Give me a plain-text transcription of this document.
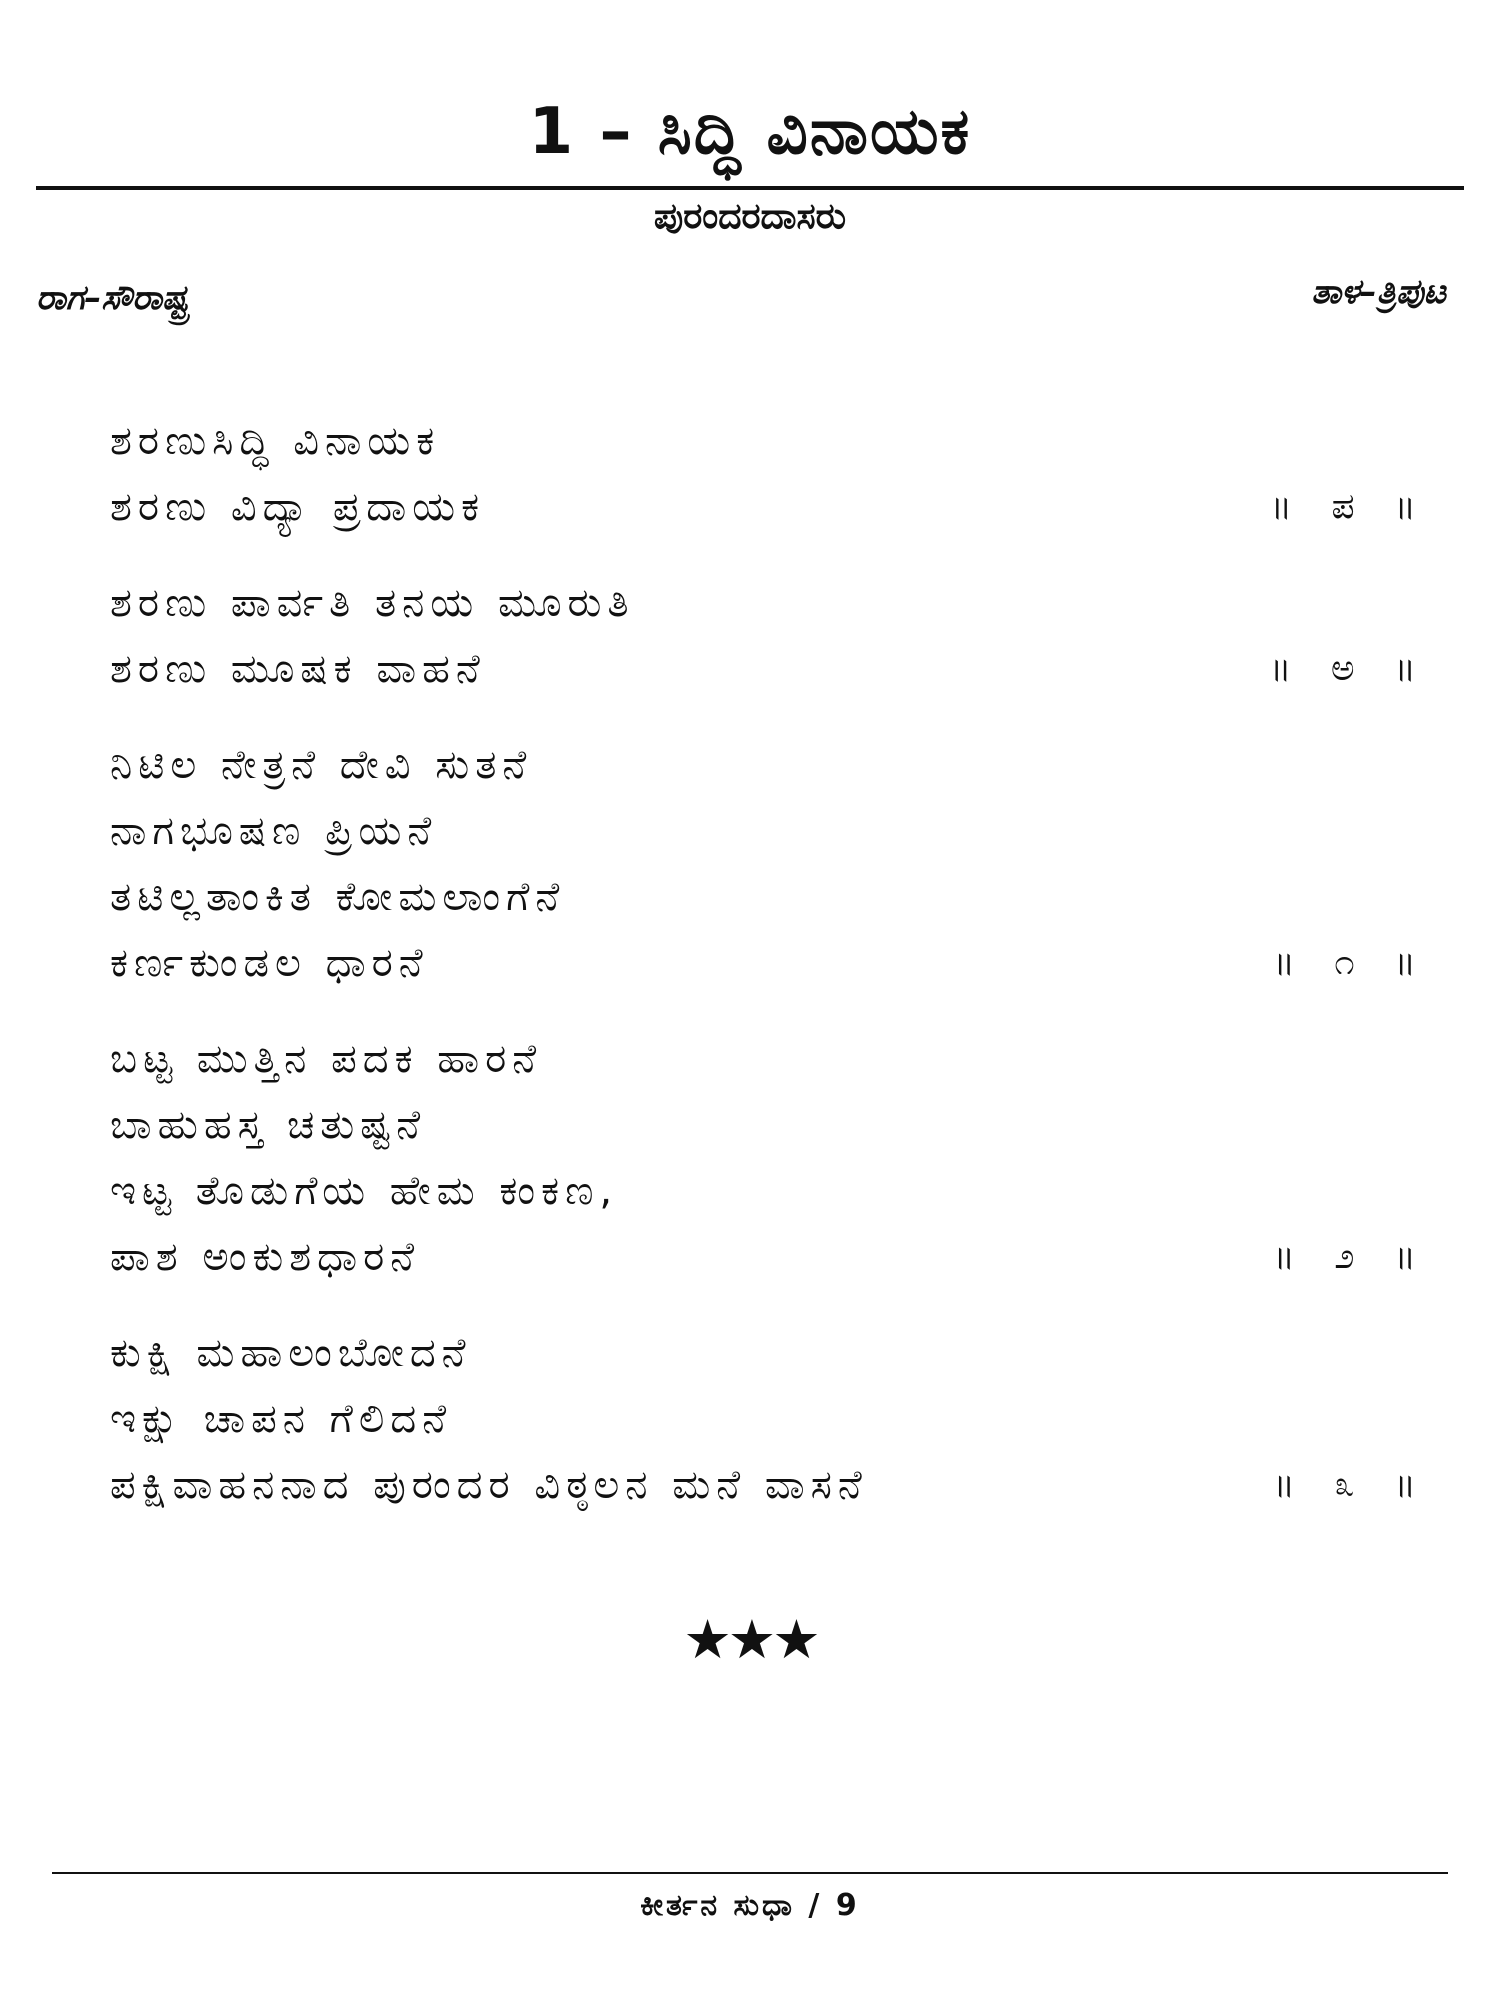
1 – ಸಿದ್ಧಿ ವಿನಾಯಕ
ಪುರಂದರದಾಸರು
ರಾಗ–ಸೌರಾಷ್ಟ್ರ	ತಾಳ–ತ್ರಿಪುಟ
ಶರಣುಸಿದ್ಧಿ ವಿನಾಯಕ
ಶರಣು ವಿದ್ಯಾ ಪ್ರದಾಯಕ	॥ ಪ ॥
ಶರಣು ಪಾರ್ವತಿ ತನಯ ಮೂರುತಿ
ಶರಣು ಮೂಷಕ ವಾಹನೆ	॥ ಅ ॥
ನಿಟಿಲ ನೇತ್ರನೆ ದೇವಿ ಸುತನೆ
ನಾಗಭೂಷಣ ಪ್ರಿಯನೆ
ತಟಿಲ್ಲತಾಂಕಿತ ಕೋಮಲಾಂಗೆನೆ
ಕರ್ಣಕುಂಡಲ ಧಾರನೆ	॥ ೧ ॥
ಬಟ್ಟ ಮುತ್ತಿನ ಪದಕ ಹಾರನೆ
ಬಾಹುಹಸ್ತ ಚತುಷ್ಟನೆ
ಇಟ್ಟ ತೊಡುಗೆಯ ಹೇಮ ಕಂಕಣ,
ಪಾಶ ಅಂಕುಶಧಾರನೆ	॥ ೨ ॥
ಕುಕ್ಷಿ ಮಹಾಲಂಬೋದನೆ
ಇಕ್ಷು ಚಾಪನ ಗೆಲಿದನೆ
ಪಕ್ಷಿವಾಹನನಾದ ಪುರಂದರ ವಿಠ್ಠಲನ ಮನೆ ವಾಸನೆ	॥ ೩ ॥
★★★
ಕೀರ್ತನ ಸುಧಾ / 9
